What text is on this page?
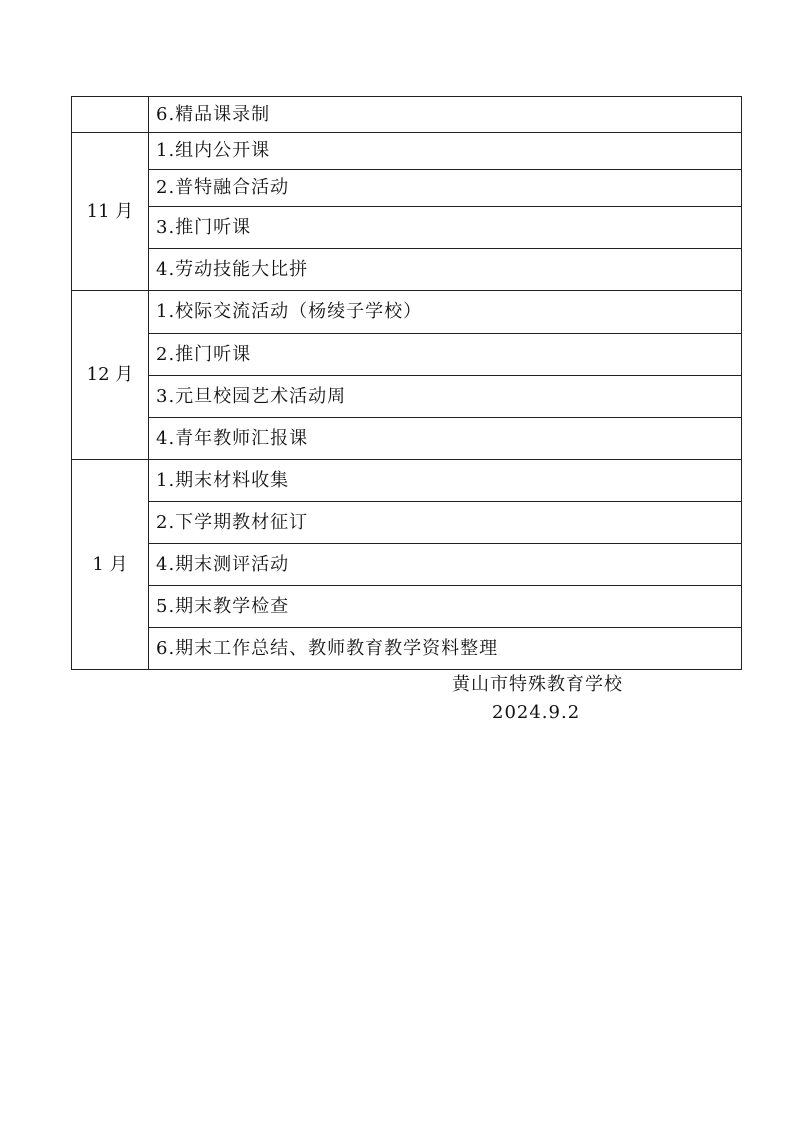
	6.精品课录制
11 月	1.组内公开课
	2.普特融合活动
	3.推门听课
	4.劳动技能大比拼
12 月	1.校际交流活动（杨绫子学校）
	2.推门听课
	3.元旦校园艺术活动周
	4.青年教师汇报课
1 月	1.期末材料收集
	2.下学期教材征订
	4.期末测评活动
	5.期末教学检查
	6.期末工作总结、教师教育教学资料整理
黄山市特殊教育学校
2024.9.2
